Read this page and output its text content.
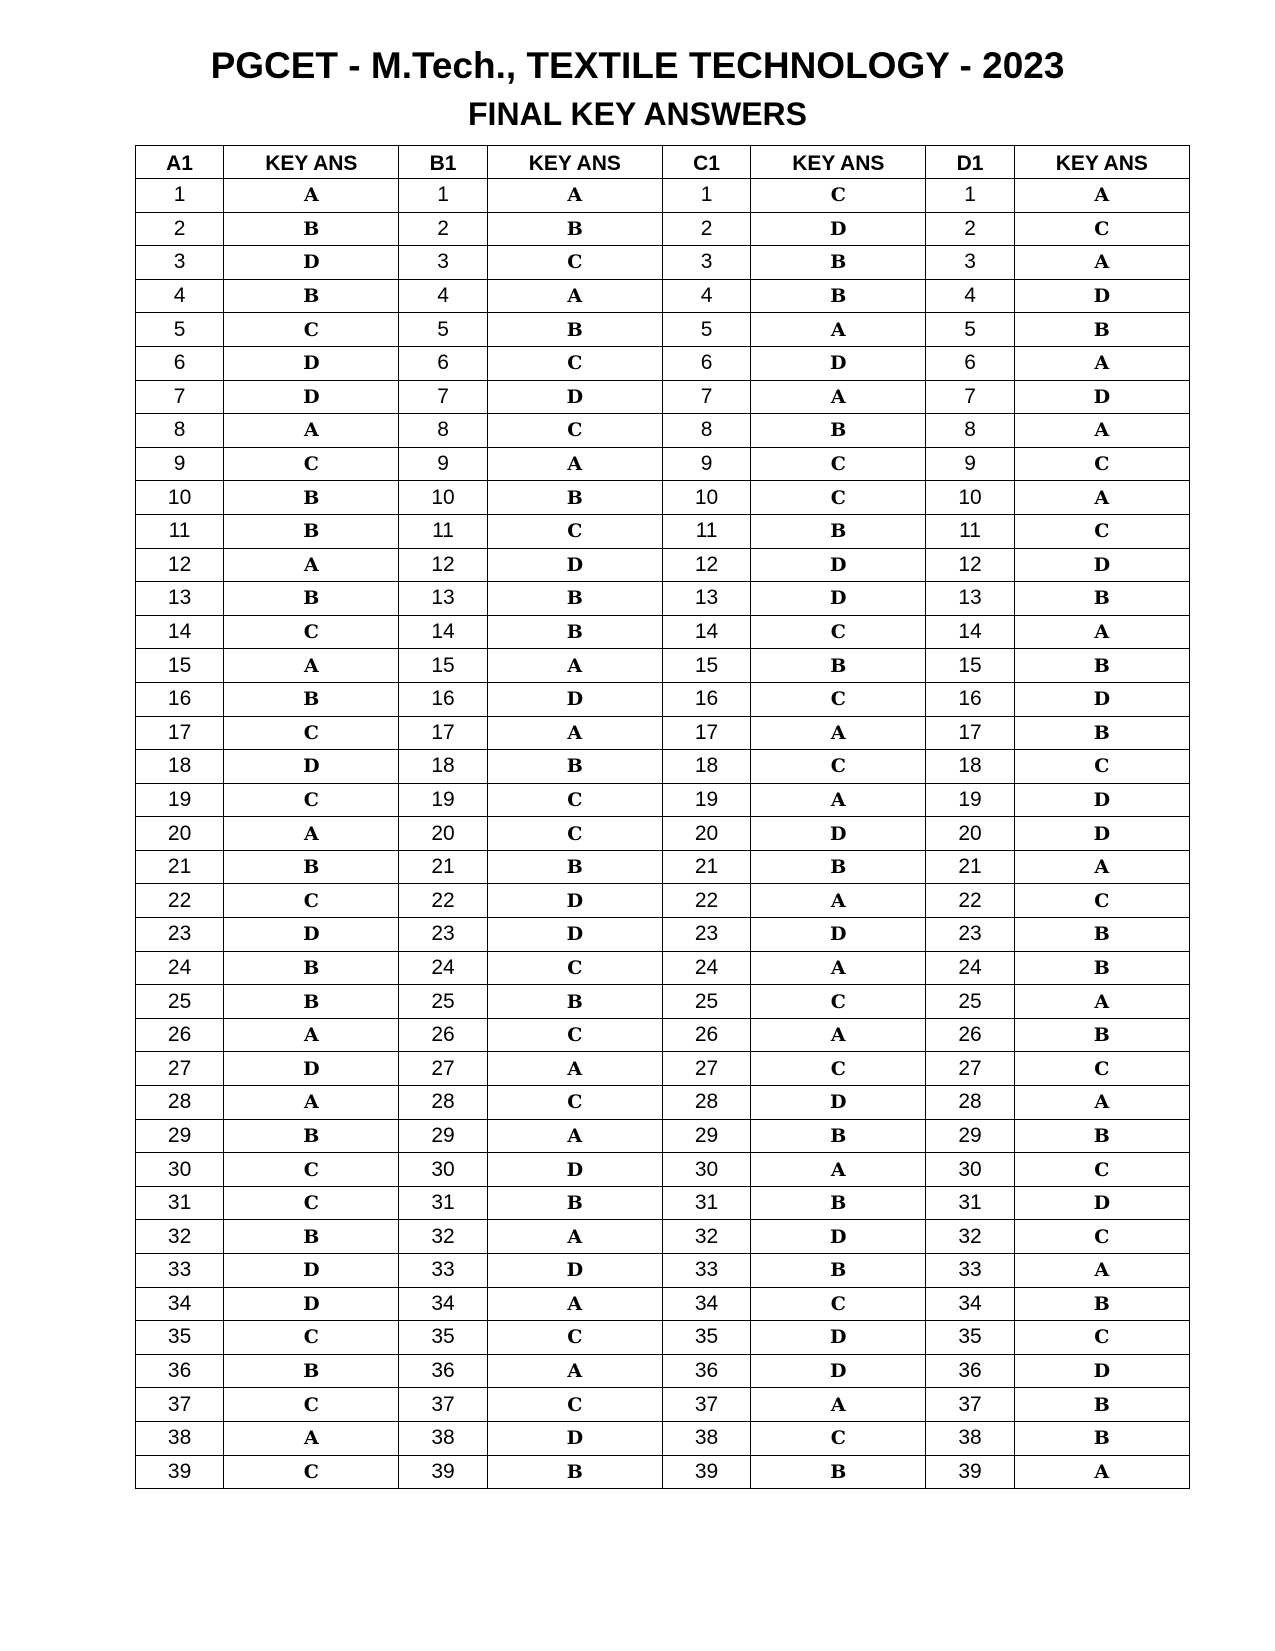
PGCET - M.Tech., TEXTILE TECHNOLOGY - 2023
FINAL KEY ANSWERS
A1	KEY ANS	B1	KEY ANS	C1	KEY ANS	D1	KEY ANS
1	A	1	A	1	C	1	A
2	B	2	B	2	D	2	C
3	D	3	C	3	B	3	A
4	B	4	A	4	B	4	D
5	C	5	B	5	A	5	B
6	D	6	C	6	D	6	A
7	D	7	D	7	A	7	D
8	A	8	C	8	B	8	A
9	C	9	A	9	C	9	C
10	B	10	B	10	C	10	A
11	B	11	C	11	B	11	C
12	A	12	D	12	D	12	D
13	B	13	B	13	D	13	B
14	C	14	B	14	C	14	A
15	A	15	A	15	B	15	B
16	B	16	D	16	C	16	D
17	C	17	A	17	A	17	B
18	D	18	B	18	C	18	C
19	C	19	C	19	A	19	D
20	A	20	C	20	D	20	D
21	B	21	B	21	B	21	A
22	C	22	D	22	A	22	C
23	D	23	D	23	D	23	B
24	B	24	C	24	A	24	B
25	B	25	B	25	C	25	A
26	A	26	C	26	A	26	B
27	D	27	A	27	C	27	C
28	A	28	C	28	D	28	A
29	B	29	A	29	B	29	B
30	C	30	D	30	A	30	C
31	C	31	B	31	B	31	D
32	B	32	A	32	D	32	C
33	D	33	D	33	B	33	A
34	D	34	A	34	C	34	B
35	C	35	C	35	D	35	C
36	B	36	A	36	D	36	D
37	C	37	C	37	A	37	B
38	A	38	D	38	C	38	B
39	C	39	B	39	B	39	A
